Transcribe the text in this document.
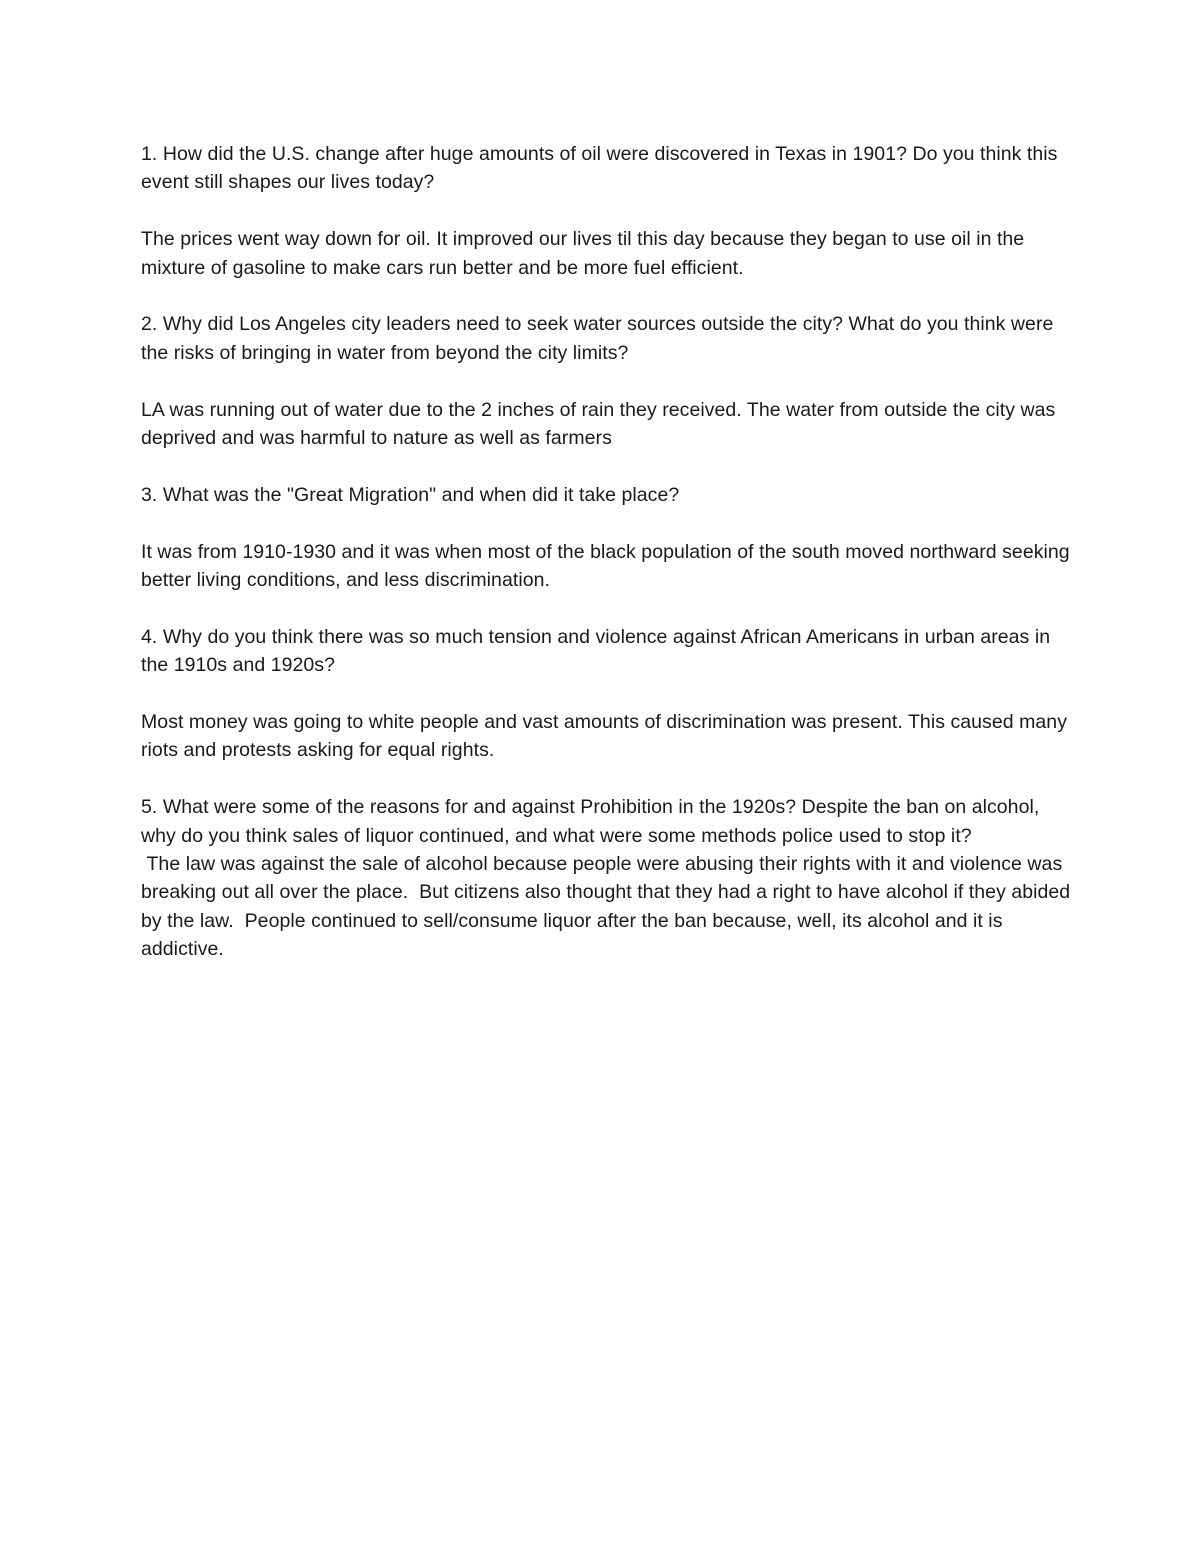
1. How did the U.S. change after huge amounts of oil were discovered in Texas in 1901? Do you think this event still shapes our lives today?

The prices went way down for oil. It improved our lives til this day because they began to use oil in the mixture of gasoline to make cars run better and be more fuel efficient.

2. Why did Los Angeles city leaders need to seek water sources outside the city? What do you think were the risks of bringing in water from beyond the city limits?

LA was running out of water due to the 2 inches of rain they received. The water from outside the city was deprived and was harmful to nature as well as farmers

3. What was the "Great Migration" and when did it take place?

It was from 1910-1930 and it was when most of the black population of the south moved northward seeking better living conditions, and less discrimination.

4. Why do you think there was so much tension and violence against African Americans in urban areas in the 1910s and 1920s?

Most money was going to white people and vast amounts of discrimination was present. This caused many riots and protests asking for equal rights.

5. What were some of the reasons for and against Prohibition in the 1920s? Despite the ban on alcohol, why do you think sales of liquor continued, and what were some methods police used to stop it?

The law was against the sale of alcohol because people were abusing their rights with it and violence was breaking out all over the place.  But citizens also thought that they had a right to have alcohol if they abided by the law.  People continued to sell/consume liquor after the ban because, well, its alcohol and it is addictive.
